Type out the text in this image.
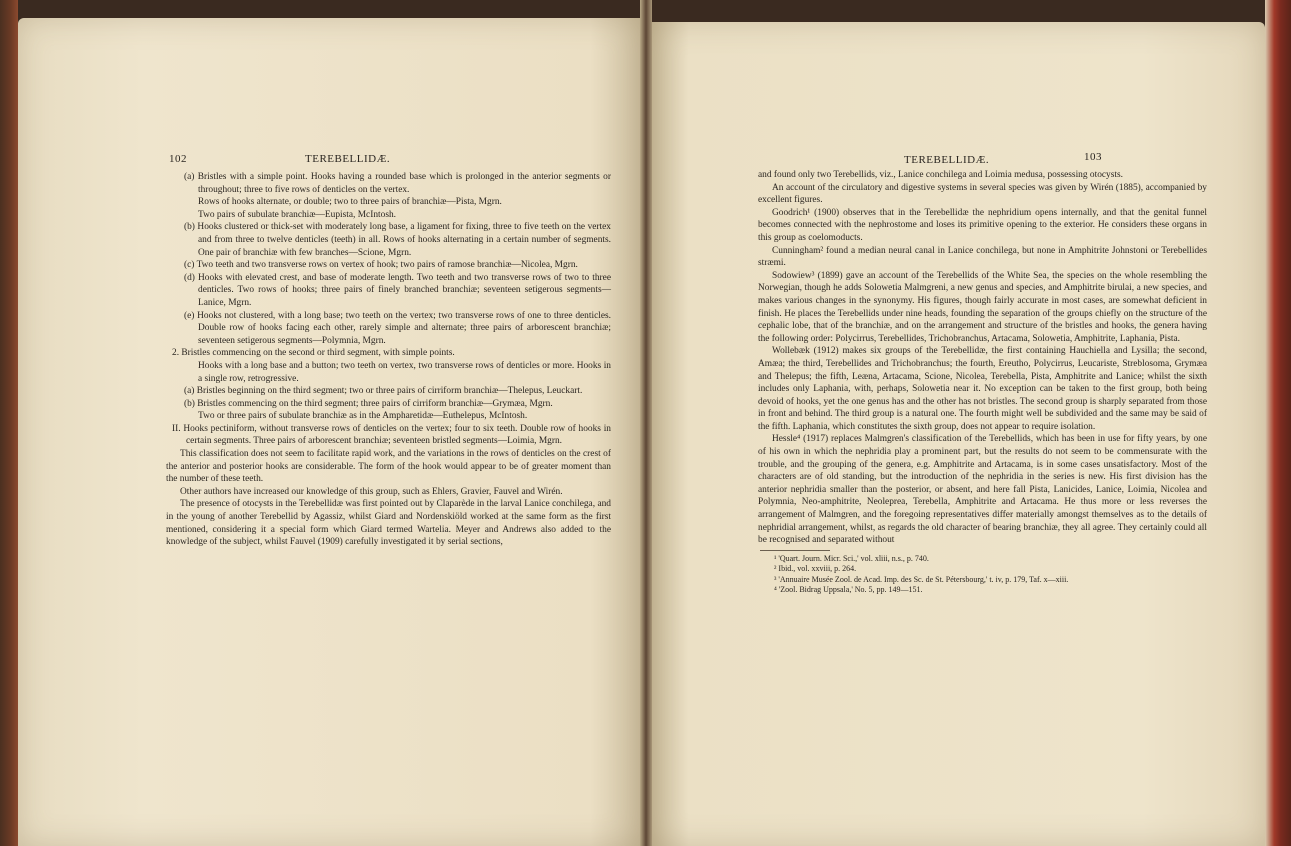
102	TEREBELLIDÆ.

(a) Bristles with a simple point. Hooks having a rounded base which is prolonged in the anterior segments or throughout; three to five rows of denticles on the vertex.

Rows of hooks alternate, or double; two to three pairs of branchiæ—Pista, Mgrn.

Two pairs of subulate branchiæ—Eupista, McIntosh.

(b) Hooks clustered or thick-set with moderately long base, a ligament for fixing, three to five teeth on the vertex and from three to twelve denticles (teeth) in all. Rows of hooks alternating in a certain number of segments. One pair of branchiæ with few branches—Scione, Mgrn.

(c) Two teeth and two transverse rows on vertex of hook; two pairs of ramose branchiæ—Nicolea, Mgrn.

(d) Hooks with elevated crest, and base of moderate length. Two teeth and two transverse rows of two to three denticles. Two rows of hooks; three pairs of finely branched branchiæ; seventeen setigerous segments—Lanice, Mgrn.

(e) Hooks not clustered, with a long base; two teeth on the vertex; two transverse rows of one to three denticles. Double row of hooks facing each other, rarely simple and alternate; three pairs of arborescent branchiæ; seventeen setigerous segments—Polymnia, Mgrn.

2. Bristles commencing on the second or third segment, with simple points.

Hooks with a long base and a button; two teeth on vertex, two transverse rows of denticles or more. Hooks in a single row, retrogressive.

(a) Bristles beginning on the third segment; two or three pairs of cirriform branchiæ—Thelepus, Leuckart.

(b) Bristles commencing on the third segment; three pairs of cirriform branchiæ—Grymæa, Mgrn.

Two or three pairs of subulate branchiæ as in the Ampharetidæ—Euthelepus, McIntosh.

II. Hooks pectiniform, without transverse rows of denticles on the vertex; four to six teeth. Double row of hooks in certain segments. Three pairs of arborescent branchiæ; seventeen bristled segments—Loimia, Mgrn.

This classification does not seem to facilitate rapid work, and the variations in the rows of denticles on the crest of the anterior and posterior hooks are considerable. The form of the hook would appear to be of greater moment than the number of these teeth.

Other authors have increased our knowledge of this group, such as Ehlers, Gravier, Fauvel and Wirén.

The presence of otocysts in the Terebellidæ was first pointed out by Claparède in the larval Lanice conchilega, and in the young of another Terebellid by Agassiz, whilst Giard and Nordenskiöld worked at the same form as the first mentioned, considering it a special form which Giard termed Wartelia. Meyer and Andrews also added to the knowledge of the subject, whilst Fauvel (1909) carefully investigated it by serial sections,

TEREBELLIDÆ.	103

and found only two Terebellids, viz., Lanice conchilega and Loimia medusa, possessing otocysts.

An account of the circulatory and digestive systems in several species was given by Wirén (1885), accompanied by excellent figures.

Goodrich¹ (1900) observes that in the Terebellidæ the nephridium opens internally, and that the genital funnel becomes connected with the nephrostome and loses its primitive opening to the exterior. He considers these organs in this group as coelomoducts.

Cunningham² found a median neural canal in Lanice conchilega, but none in Amphitrite Johnstoni or Terebellides stræmi.

Sodowiew³ (1899) gave an account of the Terebellids of the White Sea, the species on the whole resembling the Norwegian, though he adds Solowetia Malmgreni, a new genus and species, and Amphitrite birulai, a new species, and makes various changes in the synonymy. His figures, though fairly accurate in most cases, are somewhat deficient in finish. He places the Terebellids under nine heads, founding the separation of the groups chiefly on the structure of the cephalic lobe, that of the branchiæ, and on the arrangement and structure of the bristles and hooks, the genera having the following order: Polycirrus, Terebellides, Trichobranchus, Artacama, Solowetia, Amphitrite, Laphania, Pista.

Wollebæk (1912) makes six groups of the Terebellidæ, the first containing Hauchiella and Lysilla; the second, Amæa; the third, Terebellides and Trichobranchus; the fourth, Ereutho, Polycirrus, Leucariste, Streblosoma, Grymæa and Thelepus; the fifth, Leæna, Artacama, Scione, Nicolea, Terebella, Pista, Amphitrite and Lanice; whilst the sixth includes only Laphania, with, perhaps, Solowetia near it. No exception can be taken to the first group, both being devoid of hooks, yet the one genus has and the other has not bristles. The second group is sharply separated from those in front and behind. The third group is a natural one. The fourth might well be subdivided and the same may be said of the fifth. Laphania, which constitutes the sixth group, does not appear to require isolation.

Hessle⁴ (1917) replaces Malmgren's classification of the Terebellids, which has been in use for fifty years, by one of his own in which the nephridia play a prominent part, but the results do not seem to be commensurate with the trouble, and the grouping of the genera, e.g. Amphitrite and Artacama, is in some cases unsatisfactory. Most of the characters are of old standing, but the introduction of the nephridia in the series is new. His first division has the anterior nephridia smaller than the posterior, or absent, and here fall Pista, Lanicides, Lanice, Loimia, Nicolea and Polymnia, Neo-amphitrite, Neoleprea, Terebella, Amphitrite and Artacama. He thus more or less reverses the arrangement of Malmgren, and the foregoing representatives differ materially amongst themselves as to the details of nephridial arrangement, whilst, as regards the old character of bearing branchiæ, they all agree. They certainly could all be recognised and separated without

¹ 'Quart. Journ. Micr. Sci.,' vol. xliii, n.s., p. 740.

² Ibid., vol. xxviii, p. 264.

³ 'Annuaire Musée Zool. de Acad. Imp. des Sc. de St. Pétersbourg,' t. iv, p. 179, Taf. x—xiii.

⁴ 'Zool. Bidrag Uppsala,' No. 5, pp. 149—151.
